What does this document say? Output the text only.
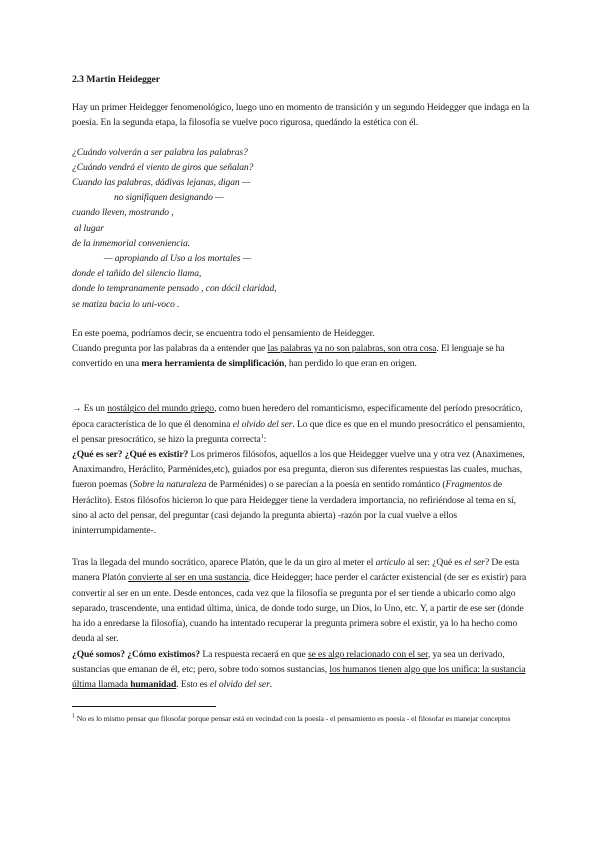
2.3 Martin Heidegger

Hay un primer Heidegger fenomenológico, luego uno en momento de transición y un segundo Heidegger que indaga en la poesía. En la segunda etapa, la filosofía se vuelve poco rigurosa, quedándo la estética con él.

¿Cuándo volverán a ser palabra las palabras?
¿Cuándo vendrá el viento de giros que señalan?
Cuando las palabras, dádivas lejanas, digan —
no signifiquen designando —
cuando lleven, mostrando ,
al lugar
de la inmemorial conveniencia.
— apropiando al Uso a los mortales —
donde el tañido del silencio llama,
donde lo tempranamente pensado , con dócil claridad,
se matiza bacia lo uni-voco .

En este poema, podríamos decir, se encuentra todo el pensamiento de Heidegger.
Cuando pregunta por las palabras da a entender que las palabras ya no son palabras, son otra cosa. El lenguaje se ha convertido en una mera herramienta de simplificación, han perdido lo que eran en origen.

→ Es un nostálgico del mundo griego, como buen heredero del romanticismo, específicamente del período presocrático, época característica de lo que él denomina el olvido del ser. Lo que dice es que en el mundo presocrático el pensamiento, el pensar presocrático, se hizo la pregunta correcta$^1$:
¿Qué es ser? ¿Qué es existir? Los primeros filósofos, aquellos a los que Heidegger vuelve una y otra vez (Anaximenes, Anaximandro, Heráclito, Parménides,etc), guiados por esa pregunta, dieron sus diferentes respuestas las cuales, muchas, fueron poemas (Sobre la naturaleza de Parménides) o se parecían a la poesía en sentido romántico (Fragmentos de Heráclito). Estos filósofos hicieron lo que para Heidegger tiene la verdadera importancia, no refiriéndose al tema en sí, sino al acto del pensar, del preguntar (casi dejando la pregunta abierta) -razón por la cual vuelve a ellos ininterrumpidamente-.

Tras la llegada del mundo socrático, aparece Platón, que le da un giro al meter el artículo al ser: ¿Qué es el ser? De esta manera Platón convierte al ser en una sustancia, dice Heidegger; hace perder el carácter existencial (de ser es existir) para convertir al ser en un ente. Desde entonces, cada vez que la filosofía se pregunta por el ser tiende a ubicarlo como algo separado, trascendente, una entidad última, única, de donde todo surge, un Dios, lo Uno, etc. Y, a partir de ese ser (donde ha ido a enredarse la filosofía), cuando ha intentado recuperar la pregunta primera sobre el existir, ya lo ha hecho como deuda al ser.

¿Qué somos? ¿Cómo existimos? La respuesta recaerá en que se es algo relacionado con el ser, ya sea un derivado, sustancias que emanan de él, etc; pero, sobre todo somos sustancias, los humanos tienen algo que los unifica: la sustancia última llamada humanidad. Esto es el olvido del ser.

$^1$ No es lo mismo pensar que filosofar porque pensar está en vecindad con la poesía - el pensamiento es poesía - el filosofar es manejar conceptos
